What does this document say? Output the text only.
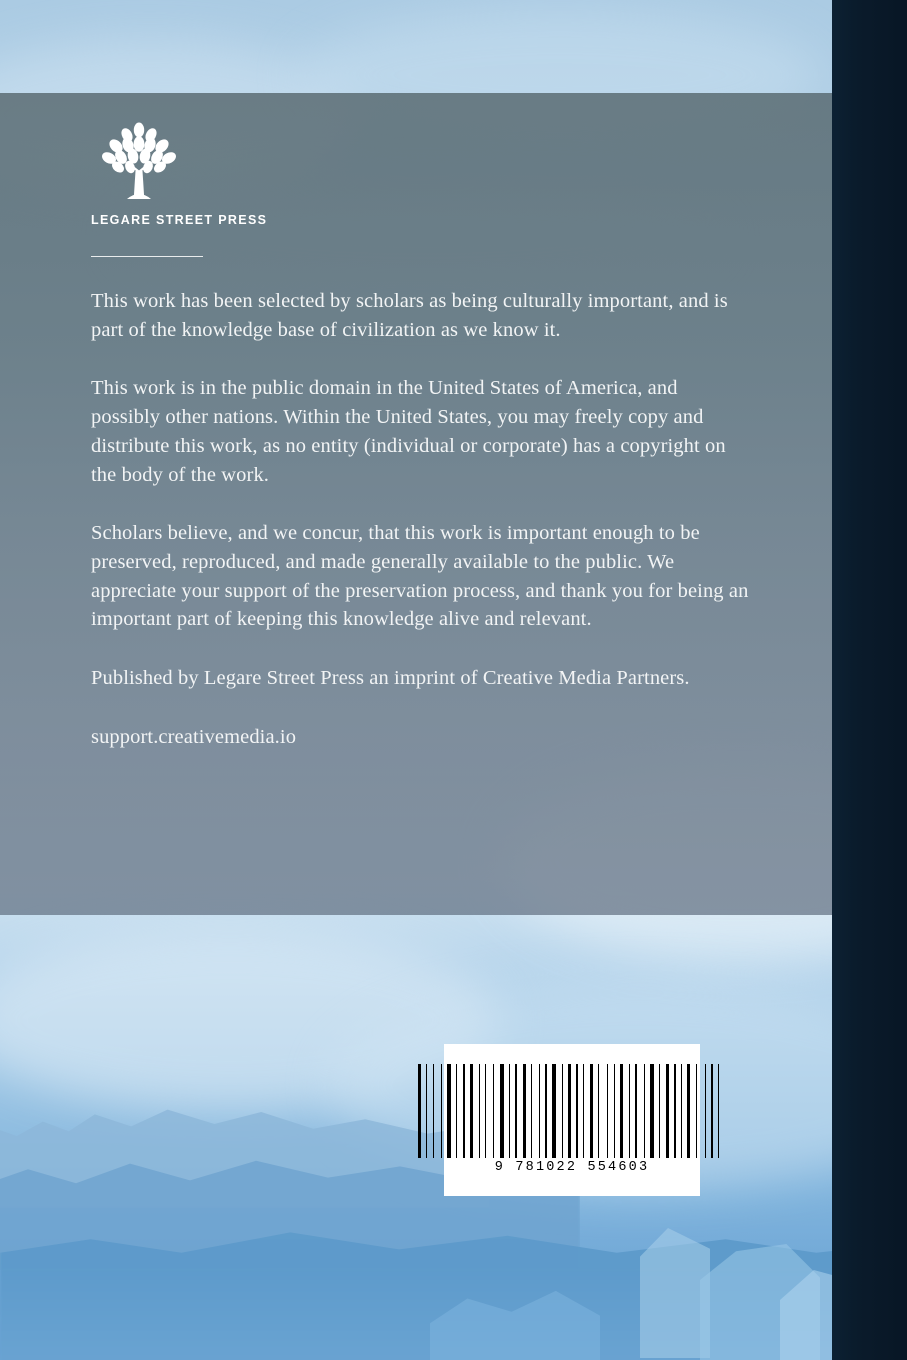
LEGARE STREET PRESS

This work has been selected by scholars as being culturally important, and is part of the knowledge base of civilization as we know it.

This work is in the public domain in the United States of America, and possibly other nations. Within the United States, you may freely copy and distribute this work, as no entity (individual or corporate) has a copyright on the body of the work.

Scholars believe, and we concur, that this work is important enough to be preserved, reproduced, and made generally available to the public. We appreciate your support of the preservation process, and thank you for being an important part of keeping this knowledge alive and relevant.

Published by Legare Street Press an imprint of Creative Media Partners.

support.creativemedia.io

9 781022 554603
